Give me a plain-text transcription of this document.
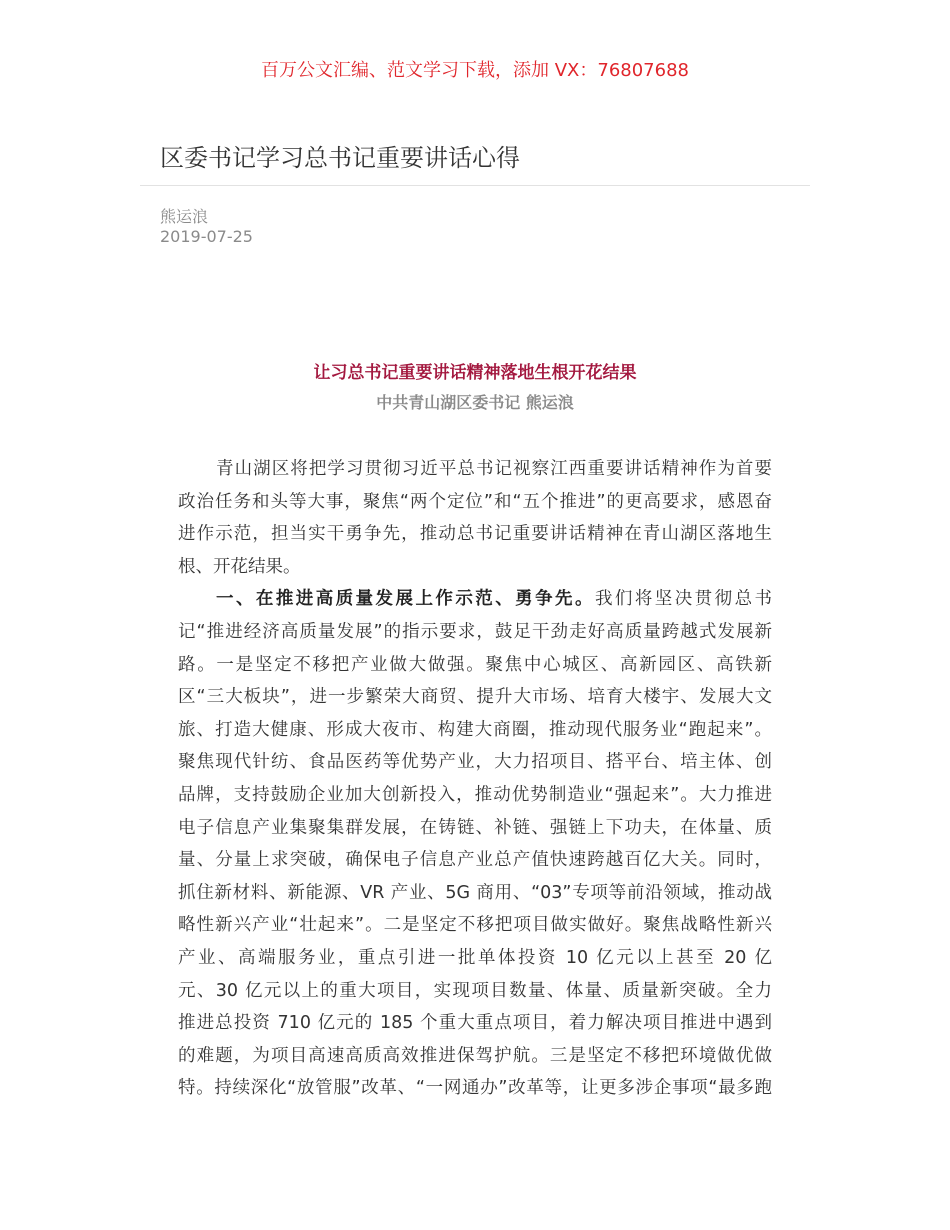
百万公文汇编、范文学习下载，添加 VX：76807688
区委书记学习总书记重要讲话心得
熊运浪
2019-07-25
让习总书记重要讲话精神落地生根开花结果
中共青山湖区委书记 熊运浪
青山湖区将把学习贯彻习近平总书记视察江西重要讲话精神作为首要
政治任务和头等大事，聚焦“两个定位”和“五个推进”的更高要求，感恩奋
进作示范，担当实干勇争先，推动总书记重要讲话精神在青山湖区落地生
根、开花结果。
一、在推进高质量发展上作示范、勇争先。我们将坚决贯彻总书
记“推进经济高质量发展”的指示要求，鼓足干劲走好高质量跨越式发展新
路。一是坚定不移把产业做大做强。聚焦中心城区、高新园区、高铁新
区“三大板块”，进一步繁荣大商贸、提升大市场、培育大楼宇、发展大文
旅、打造大健康、形成大夜市、构建大商圈，推动现代服务业“跑起来”。
聚焦现代针纺、食品医药等优势产业，大力招项目、搭平台、培主体、创
品牌，支持鼓励企业加大创新投入，推动优势制造业“强起来”。大力推进
电子信息产业集聚集群发展，在铸链、补链、强链上下功夫，在体量、质
量、分量上求突破，确保电子信息产业总产值快速跨越百亿大关。同时，
抓住新材料、新能源、VR 产业、5G 商用、“03”专项等前沿领域，推动战
略性新兴产业“壮起来”。二是坚定不移把项目做实做好。聚焦战略性新兴
产业、高端服务业，重点引进一批单体投资 10 亿元以上甚至 20 亿
元、30 亿元以上的重大项目，实现项目数量、体量、质量新突破。全力
推进总投资 710 亿元的 185 个重大重点项目，着力解决项目推进中遇到
的难题，为项目高速高质高效推进保驾护航。三是坚定不移把环境做优做
特。持续深化“放管服”改革、“一网通办”改革等，让更多涉企事项“最多跑
